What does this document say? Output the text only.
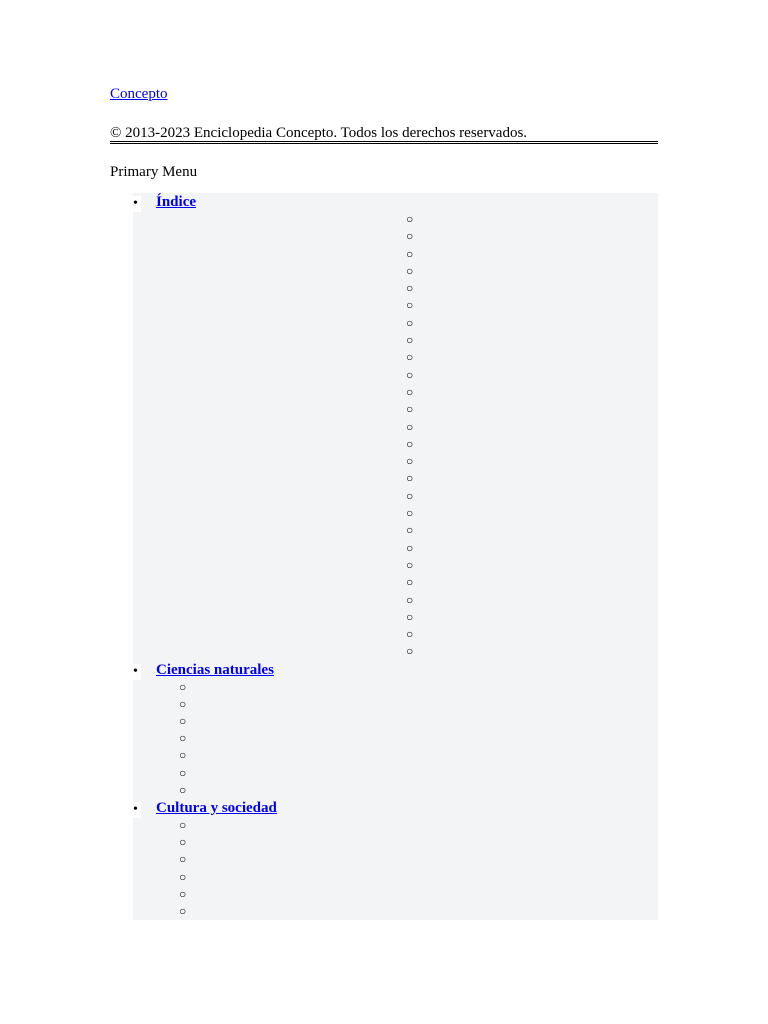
Concepto
© 2013-2023 Enciclopedia Concepto. Todos los derechos reservados.
Primary Menu
• Índice
○
○
○
○
○
○
○
○
○
○
○
○
○
○
○
○
○
○
○
○
○
○
○
○
○
○
• Ciencias naturales
○
○
○
○
○
○
○
• Cultura y sociedad
○
○
○
○
○
○
